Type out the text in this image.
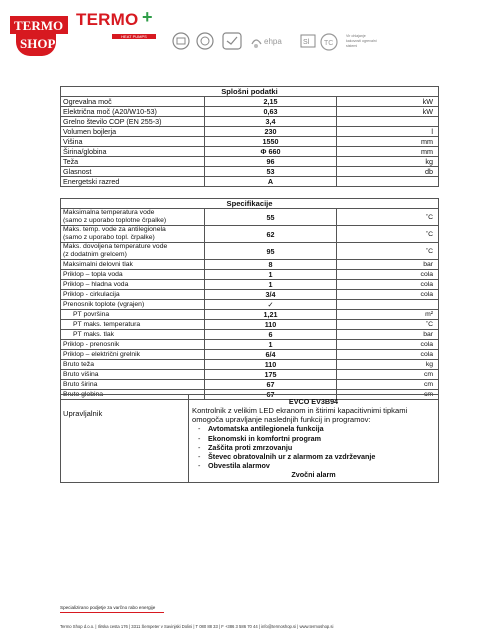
TERMO
SHOP
TERMO +
HEAT PUMPS
ehpa	Sl TC
Vir ohlajanje
kakovosti ogrevalni
sistemi
Splošni podatki		
Ogrevalna moč	2,15	kW
Električna moč (A20/W10-53)	0,63	kW
Grelno število COP (EN 255-3)	3,4	
Volumen bojlerja	230	l
Višina	1550	mm
Širina/globina	Φ 660	mm
Teža	96	kg
Glasnost	53	db
Energetski razred	A	
Specifikacije		
Maksimalna temperatura vode
(samo z uporabo toplotne črpalke)	55	˚C
Maks. temp. vode za antilegionela
(samo z uporabo topl. črpalke)	62	˚C
Maks. dovoljena temperature vode
(z dodatnim grelcem)	95	˚C
Maksimalni delovni tlak	8	bar
Priklop – topla voda	1	cola
Priklop – hladna voda	1	cola
Priklop - cirkulacija	3/4	cola
Prenosnik toplote (vgrajen)	✓	
PT površina	1,21	m²
PT maks. temperatura	110	˚C
PT maks. tlak	6	bar
Priklop - prenosnik	1	cola
Priklop – električni grelnik	6/4	cola
Bruto teža	110	kg
Bruto višina	175	cm
Bruto širina	67	cm
Bruto globina	67	cm
Upravljalnik	
EVCO EV3B94
Kontrolnik z velikim LED ekranom in štirimi kapacitivnimi tipkami omogoča upravljanje naslednjih funkcij in programov:
- Avtomatska antilegionela funkcija
- Ekonomski in komfortni program
- Zaščita proti zmrzovanju
- Števec obratovalnih ur z alarmom za vzdrževanje
- Obvestila alarmov
Zvočni alarm
Specializirano podjetje za varčno rabo energije
Termo Shop d.o.o. | Ilirska cesta 176 | 3311 Šempeter v Savinjski Dolini | T 080 88 33 | F +386 3 586 70 44 | info@termoshop.si | www.termoshop.si
